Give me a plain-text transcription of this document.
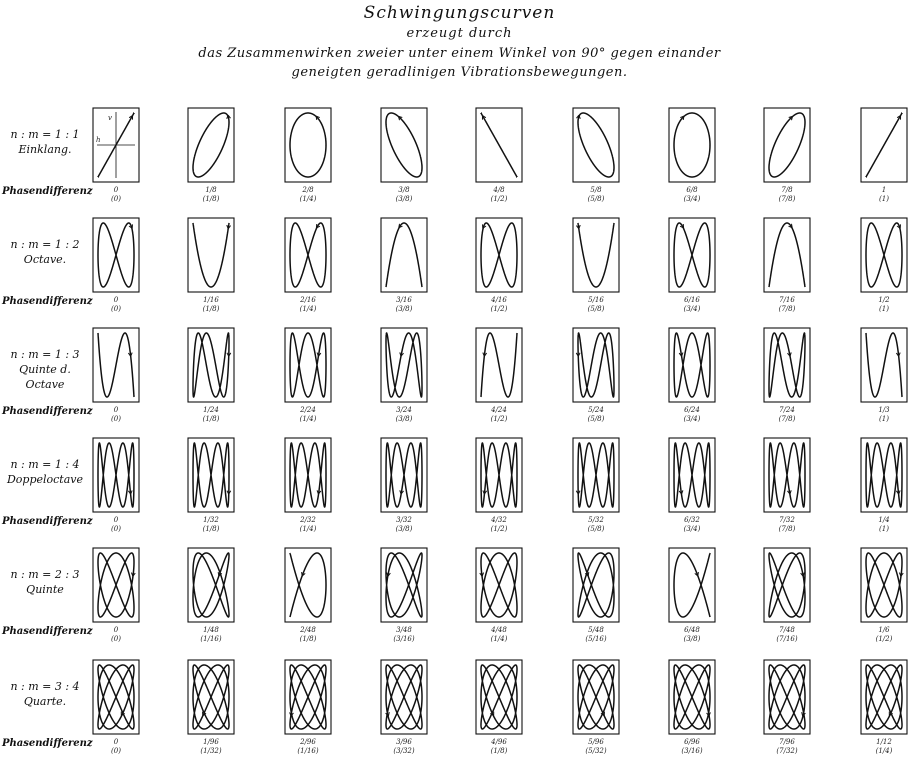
Schwingungscurven
erzeugt durch
das Zusammenwirken zweier unter einem Winkel von 90° gegen einander
geneigten geradlinigen Vibrationsbewegungen.
n : m = 1 : 1
Einklang.
Phasendifferenz
n : m = 1 : 2
Octave.
Phasendifferenz
n : m = 1 : 3
Quinte d. Octave
Phasendifferenz
n : m = 1 : 4
Doppeloctave
Phasendifferenz
n : m = 2 : 3
Quinte
Phasendifferenz
n : m = 3 : 4
Quarte.
Phasendifferenz
v
h
0
(0)
1/8
(1/8)
2/8
(1/4)
3/8
(3/8)
4/8
(1/2)
5/8
(5/8)
6/8
(3/4)
7/8
(7/8)
1
(1)
0
(0)
1/16
(1/8)
2/16
(1/4)
3/16
(3/8)
4/16
(1/2)
5/16
(5/8)
6/16
(3/4)
7/16
(7/8)
1/2
(1)
0
(0)
1/24
(1/8)
2/24
(1/4)
3/24
(3/8)
4/24
(1/2)
5/24
(5/8)
6/24
(3/4)
7/24
(7/8)
1/3
(1)
0
(0)
1/32
(1/8)
2/32
(1/4)
3/32
(3/8)
4/32
(1/2)
5/32
(5/8)
6/32
(3/4)
7/32
(7/8)
1/4
(1)
0
(0)
1/48
(1/16)
2/48
(1/8)
3/48
(3/16)
4/48
(1/4)
5/48
(5/16)
6/48
(3/8)
7/48
(7/16)
1/6
(1/2)
0
(0)
1/96
(1/32)
2/96
(1/16)
3/96
(3/32)
4/96
(1/8)
5/96
(5/32)
6/96
(3/16)
7/96
(7/32)
1/12
(1/4)
